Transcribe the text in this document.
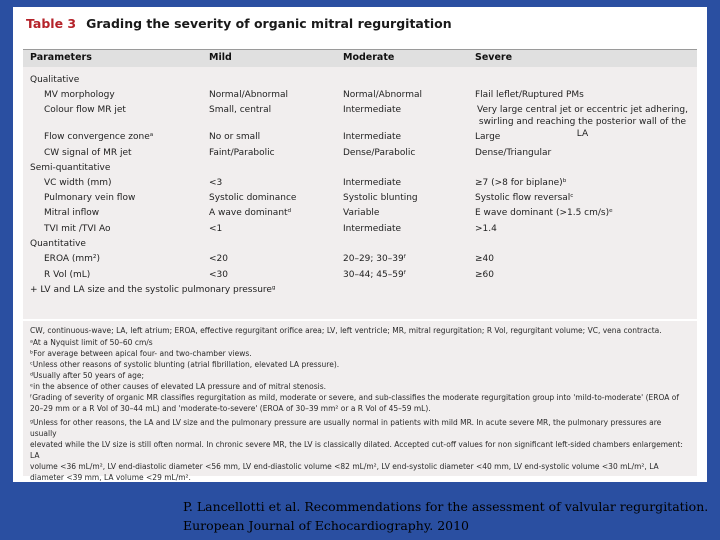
Table 3 Grading the severity of organic mitral regurgitation
Parameters	Mild	Moderate	Severe
Qualitative
MV morphology	Normal/Abnormal	Normal/Abnormal	Flail leflet/Ruptured PMs
Colour flow MR jet	Small, central	Intermediate	Very large central jet or eccentric jet adhering, swirling and reaching the posterior wall of the LA
Flow convergence zoneᵃ	No or small	Intermediate	Large
CW signal of MR jet	Faint/Parabolic	Dense/Parabolic	Dense/Triangular
Semi-quantitative
VC width (mm)	<3	Intermediate	≥7 (>8 for biplane)ᵇ
Pulmonary vein flow	Systolic dominance	Systolic blunting	Systolic flow reversalᶜ
Mitral inflow	A wave dominantᵈ	Variable	E wave dominant (>1.5 cm/s)ᵉ
TVI mit /TVI Ao	<1	Intermediate	>1.4
Quantitative
EROA (mm²)	<20	20–29; 30–39ᶠ	≥40
R Vol (mL)	<30	30–44; 45–59ᶠ	≥60
+ LV and LA size and the systolic pulmonary pressureᵍ
CW, continuous-wave; LA, left atrium; EROA, effective regurgitant orifice area; LV, left ventricle; MR, mitral regurgitation; R Vol, regurgitant volume; VC, vena contracta.
ᵃAt a Nyquist limit of 50–60 cm/s
ᵇFor average between apical four- and two-chamber views.
ᶜUnless other reasons of systolic blunting (atrial fibrillation, elevated LA pressure).
ᵈUsually after 50 years of age;
ᵉin the absence of other causes of elevated LA pressure and of mitral stenosis.
ᶠGrading of severity of organic MR classifies regurgitation as mild, moderate or severe, and sub-classifies the moderate regurgitation group into 'mild-to-moderate' (EROA of
20–29 mm or a R Vol of 30–44 mL) and 'moderate-to-severe' (EROA of 30–39 mm² or a R Vol of 45–59 mL).
ᵍUnless for other reasons, the LA and LV size and the pulmonary pressure are usually normal in patients with mild MR. In acute severe MR, the pulmonary pressures are usually
elevated while the LV size is still often normal. In chronic severe MR, the LV is classically dilated. Accepted cut-off values for non significant left-sided chambers enlargement: LA
volume <36 mL/m², LV end-diastolic diameter <56 mm, LV end-diastolic volume <82 mL/m², LV end-systolic diameter <40 mm, LV end-systolic volume <30 mL/m², LA
diameter <39 mm, LA volume <29 mL/m².
P. Lancellotti et al. Recommendations for the assessment of valvular regurgitation.
European Journal of Echocardiography. 2010
